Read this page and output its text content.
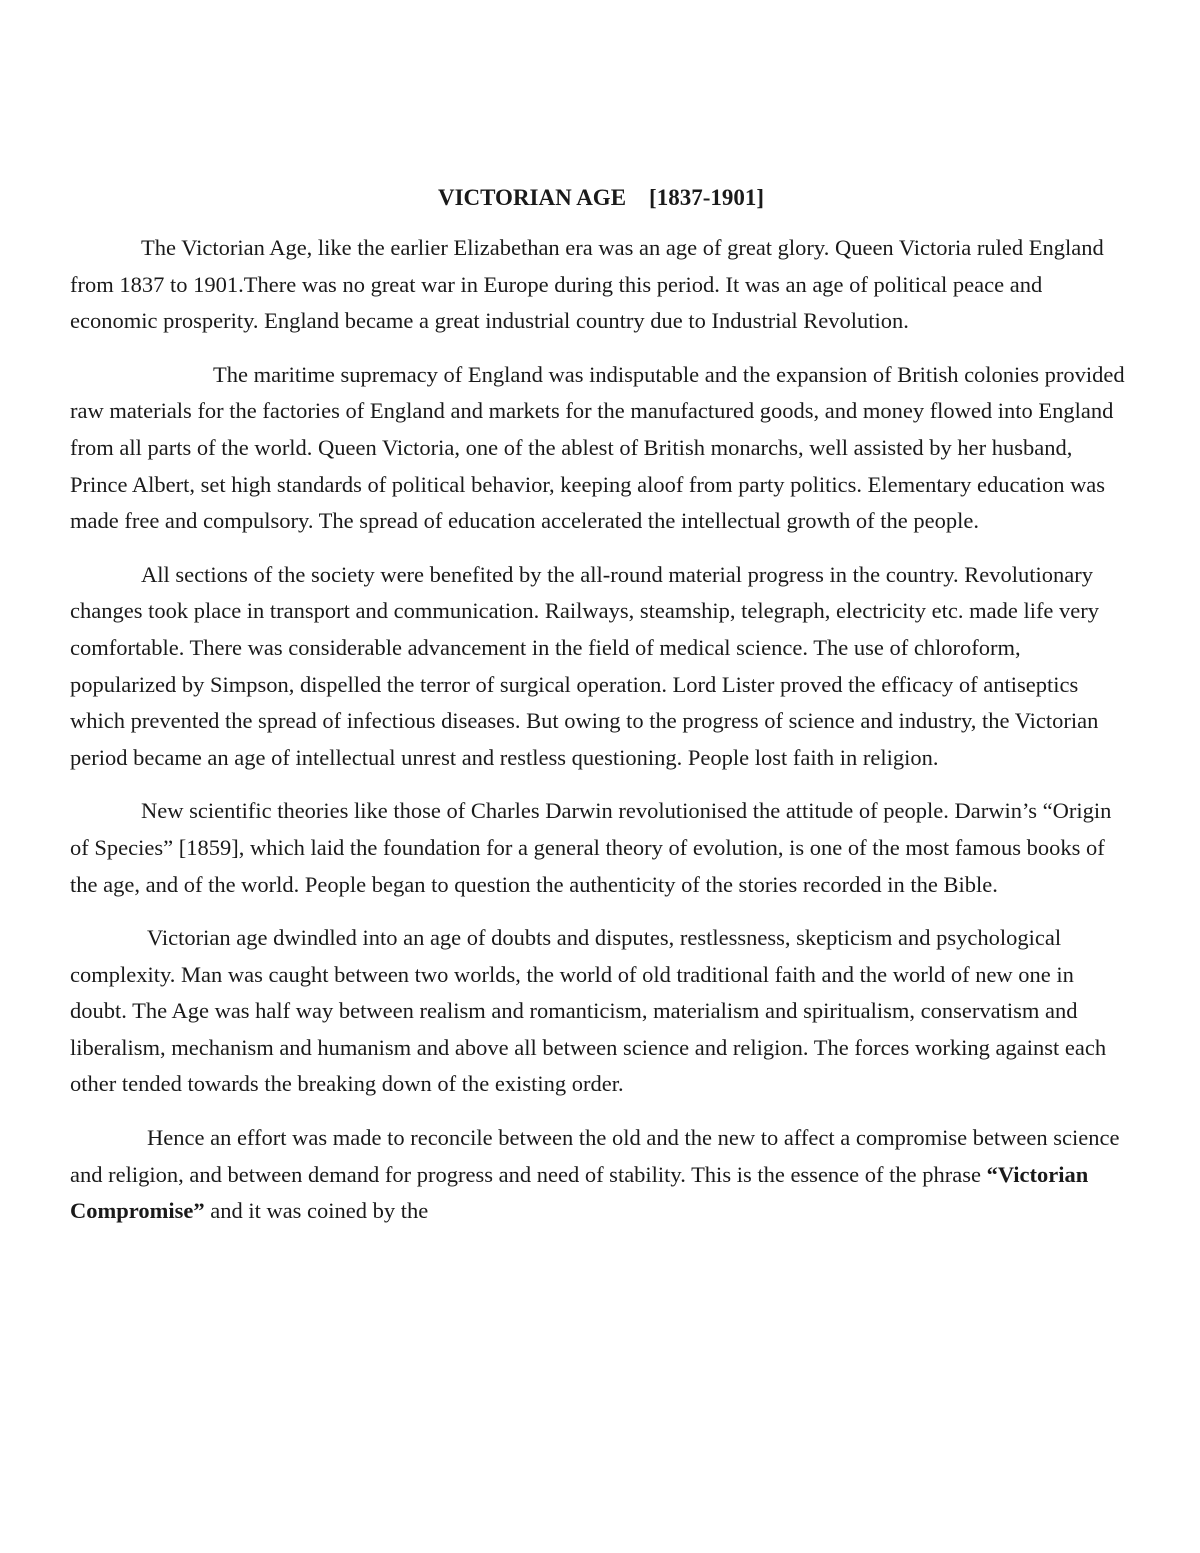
VICTORIAN AGE    [1837-1901]

The Victorian Age, like the earlier Elizabethan era was an age of great glory. Queen Victoria ruled England from 1837 to 1901.There was no great war in Europe during this period. It was an age of political peace and economic prosperity. England became a great industrial country due to Industrial Revolution.

The maritime supremacy of England was indisputable and the expansion of British colonies provided raw materials for the factories of England and markets for the manufactured goods, and money flowed into England from all parts of the world. Queen Victoria, one of the ablest of British monarchs, well assisted by her husband, Prince Albert, set high standards of political behavior, keeping aloof from party politics. Elementary education was made free and compulsory. The spread of education accelerated the intellectual growth of the people.

All sections of the society were benefited by the all-round material progress in the country. Revolutionary changes took place in transport and communication. Railways, steamship, telegraph, electricity etc. made life very comfortable. There was considerable advancement in the field of medical science. The use of chloroform, popularized by Simpson, dispelled the terror of surgical operation. Lord Lister proved the efficacy of antiseptics which prevented the spread of infectious diseases. But owing to the progress of science and industry, the Victorian period became an age of intellectual unrest and restless questioning. People lost faith in religion.

New scientific theories like those of Charles Darwin revolutionised the attitude of people. Darwin’s “Origin of Species” [1859], which laid the foundation for a general theory of evolution, is one of the most famous books of the age, and of the world. People began to question the authenticity of the stories recorded in the Bible.

Victorian age dwindled into an age of doubts and disputes, restlessness, skepticism and psychological complexity. Man was caught between two worlds, the world of old traditional faith and the world of new one in doubt. The Age was half way between realism and romanticism, materialism and spiritualism, conservatism and liberalism, mechanism and humanism and above all between science and religion. The forces working against each other tended towards the breaking down of the existing order.

Hence an effort was made to reconcile between the old and the new to affect a compromise between science and religion, and between demand for progress and need of stability. This is the essence of the phrase “Victorian Compromise” and it was coined by the
